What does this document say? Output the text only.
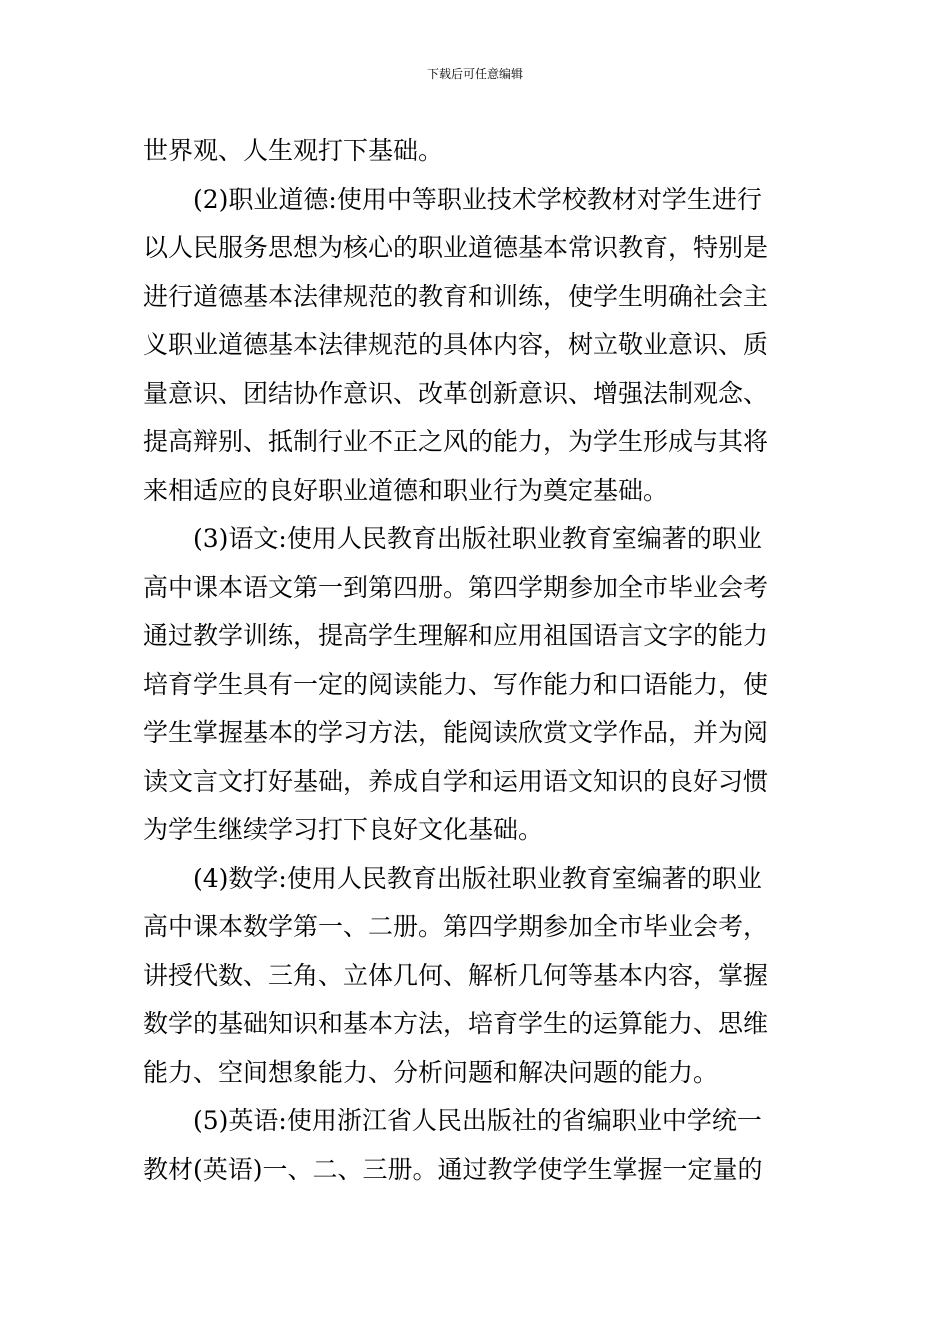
下载后可任意编辑
世界观、人生观打下基础。
(2)职业道德:使用中等职业技术学校教材对学生进行
以人民服务思想为核心的职业道德基本常识教育，特别是
进行道德基本法律规范的教育和训练，使学生明确社会主
义职业道德基本法律规范的具体内容，树立敬业意识、质
量意识、团结协作意识、改革创新意识、增强法制观念、
提高辩别、抵制行业不正之风的能力，为学生形成与其将
来相适应的良好职业道德和职业行为奠定基础。
(3)语文:使用人民教育出版社职业教育室编著的职业
高中课本语文第一到第四册。第四学期参加全市毕业会考
通过教学训练，提高学生理解和应用祖国语言文字的能力
培育学生具有一定的阅读能力、写作能力和口语能力，使
学生掌握基本的学习方法，能阅读欣赏文学作品，并为阅
读文言文打好基础，养成自学和运用语文知识的良好习惯
为学生继续学习打下良好文化基础。
(4)数学:使用人民教育出版社职业教育室编著的职业
高中课本数学第一、二册。第四学期参加全市毕业会考，
讲授代数、三角、立体几何、解析几何等基本内容，掌握
数学的基础知识和基本方法，培育学生的运算能力、思维
能力、空间想象能力、分析问题和解决问题的能力。
(5)英语:使用浙江省人民出版社的省编职业中学统一
教材(英语)一、二、三册。通过教学使学生掌握一定量的
